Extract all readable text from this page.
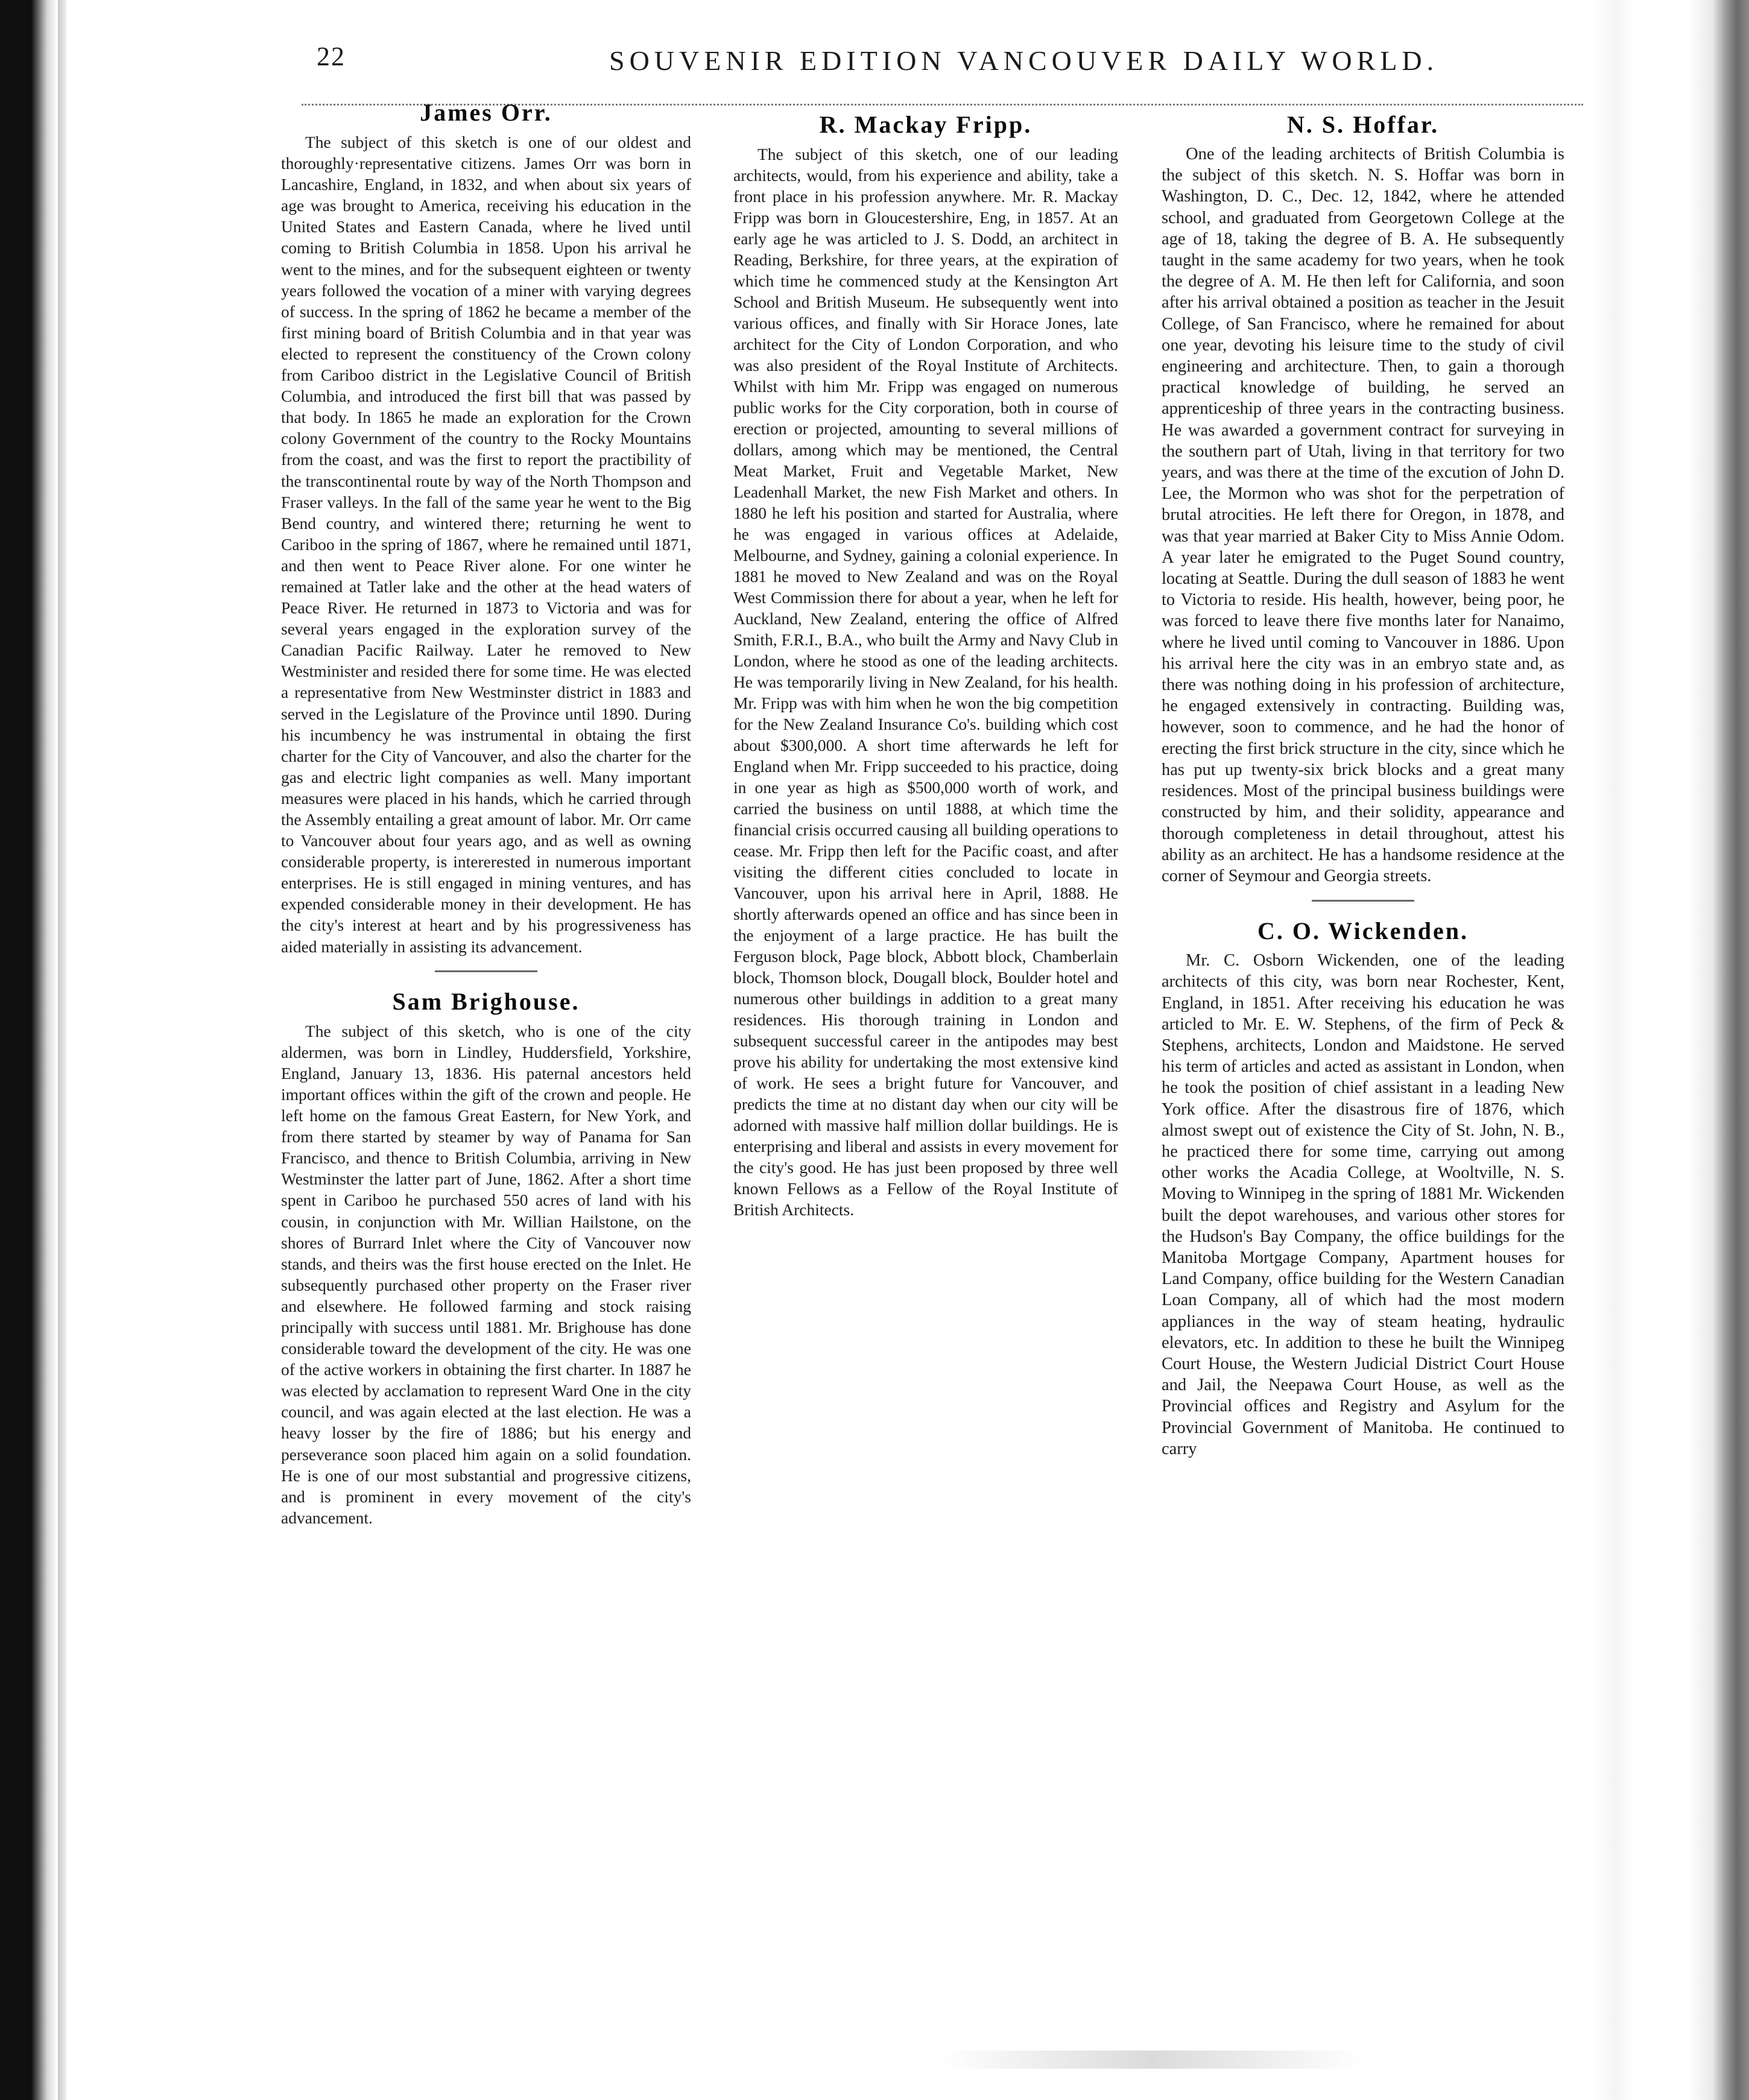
22	SOUVENIR EDITION VANCOUVER DAILY WORLD.
James Orr.

The subject of this sketch is one of our oldest and thoroughly·representative citizens. James Orr was born in Lancashire, England, in 1832, and when about six years of age was brought to America, receiving his education in the United States and Eastern Canada, where he lived until coming to British Columbia in 1858. Upon his arrival he went to the mines, and for the subsequent eighteen or twenty years followed the vocation of a miner with varying degrees of success. In the spring of 1862 he became a member of the first mining board of British Columbia and in that year was elected to represent the constituency of the Crown colony from Cariboo district in the Legislative Council of British Columbia, and introduced the first bill that was passed by that body. In 1865 he made an exploration for the Crown colony Government of the country to the Rocky Mountains from the coast, and was the first to report the practibility of the transcontinental route by way of the North Thompson and Fraser valleys. In the fall of the same year he went to the Big Bend country, and wintered there; returning he went to Cariboo in the spring of 1867, where he remained until 1871, and then went to Peace River alone. For one winter he remained at Tatler lake and the other at the head waters of Peace River. He returned in 1873 to Victoria and was for several years engaged in the exploration survey of the Canadian Pacific Railway. Later he removed to New Westminister and resided there for some time. He was elected a representative from New Westminster district in 1883 and served in the Legislature of the Province until 1890. During his incumbency he was instrumental in obtaing the first charter for the City of Vancouver, and also the charter for the gas and electric light companies as well. Many important measures were placed in his hands, which he carried through the Assembly entailing a great amount of labor. Mr. Orr came to Vancouver about four years ago, and as well as owning considerable property, is intererested in numerous important enterprises. He is still engaged in mining ventures, and has expended considerable money in their development. He has the city's interest at heart and by his progressiveness has aided materially in assisting its advancement.

Sam Brighouse.

The subject of this sketch, who is one of the city aldermen, was born in Lindley, Huddersfield, Yorkshire, England, January 13, 1836. His paternal ancestors held important offices within the gift of the crown and people. He left home on the famous Great Eastern, for New York, and from there started by steamer by way of Panama for San Francisco, and thence to British Columbia, arriving in New Westminster the latter part of June, 1862. After a short time spent in Cariboo he purchased 550 acres of land with his cousin, in conjunction with Mr. Willian Hailstone, on the shores of Burrard Inlet where the City of Vancouver now stands, and theirs was the first house erected on the Inlet. He subsequently purchased other property on the Fraser river and elsewhere. He followed farming and stock raising principally with success until 1881. Mr. Brighouse has done considerable toward the development of the city. He was one of the active workers in obtaining the first charter. In 1887 he was elected by acclamation to represent Ward One in the city council, and was again elected at the last election. He was a heavy losser by the fire of 1886; but his energy and perseverance soon placed him again on a solid foundation. He is one of our most substantial and progressive citizens, and is prominent in every movement of the city's advancement.

R. Mackay Fripp.

The subject of this sketch, one of our leading architects, would, from his experience and ability, take a front place in his profession anywhere. Mr. R. Mackay Fripp was born in Gloucestershire, Eng, in 1857. At an early age he was articled to J. S. Dodd, an architect in Reading, Berkshire, for three years, at the expiration of which time he commenced study at the Kensington Art School and British Museum. He subsequently went into various offices, and finally with Sir Horace Jones, late architect for the City of London Corporation, and who was also president of the Royal Institute of Architects. Whilst with him Mr. Fripp was engaged on numerous public works for the City corporation, both in course of erection or projected, amounting to several millions of dollars, among which may be mentioned, the Central Meat Market, Fruit and Vegetable Market, New Leadenhall Market, the new Fish Market and others. In 1880 he left his position and started for Australia, where he was engaged in various offices at Adelaide, Melbourne, and Sydney, gaining a colonial experience. In 1881 he moved to New Zealand and was on the Royal West Commission there for about a year, when he left for Auckland, New Zealand, entering the office of Alfred Smith, F.R.I., B.A., who built the Army and Navy Club in London, where he stood as one of the leading architects. He was temporarily living in New Zealand, for his health. Mr. Fripp was with him when he won the big competition for the New Zealand Insurance Co's. building which cost about $300,000. A short time afterwards he left for England when Mr. Fripp succeeded to his practice, doing in one year as high as $500,000 worth of work, and carried the business on until 1888, at which time the financial crisis occurred causing all building operations to cease. Mr. Fripp then left for the Pacific coast, and after visiting the different cities concluded to locate in Vancouver, upon his arrival here in April, 1888. He shortly afterwards opened an office and has since been in the enjoyment of a large practice. He has built the Ferguson block, Page block, Abbott block, Chamberlain block, Thomson block, Dougall block, Boulder hotel and numerous other buildings in addition to a great many residences. His thorough training in London and subsequent successful career in the antipodes may best prove his ability for undertaking the most extensive kind of work. He sees a bright future for Vancouver, and predicts the time at no distant day when our city will be adorned with massive half million dollar buildings. He is enterprising and liberal and assists in every movement for the city's good. He has just been proposed by three well known Fellows as a Fellow of the Royal Institute of British Architects.

N. S. Hoffar.

One of the leading architects of British Columbia is the subject of this sketch. N. S. Hoffar was born in Washington, D. C., Dec. 12, 1842, where he attended school, and graduated from Georgetown College at the age of 18, taking the degree of B. A. He subsequently taught in the same academy for two years, when he took the degree of A. M. He then left for California, and soon after his arrival obtained a position as teacher in the Jesuit College, of San Francisco, where he remained for about one year, devoting his leisure time to the study of civil engineering and architecture. Then, to gain a thorough practical knowledge of building, he served an apprenticeship of three years in the contracting business. He was awarded a government contract for surveying in the southern part of Utah, living in that territory for two years, and was there at the time of the excution of John D. Lee, the Mormon who was shot for the perpetration of brutal atrocities. He left there for Oregon, in 1878, and was that year married at Baker City to Miss Annie Odom. A year later he emigrated to the Puget Sound country, locating at Seattle. During the dull season of 1883 he went to Victoria to reside. His health, however, being poor, he was forced to leave there five months later for Nanaimo, where he lived until coming to Vancouver in 1886. Upon his arrival here the city was in an embryo state and, as there was nothing doing in his profession of architecture, he engaged extensively in contracting. Building was, however, soon to commence, and he had the honor of erecting the first brick structure in the city, since which he has put up twenty-six brick blocks and a great many residences. Most of the principal business buildings were constructed by him, and their solidity, appearance and thorough completeness in detail throughout, attest his ability as an architect. He has a handsome residence at the corner of Seymour and Georgia streets.

C. O. Wickenden.

Mr. C. Osborn Wickenden, one of the leading architects of this city, was born near Rochester, Kent, England, in 1851. After receiving his education he was articled to Mr. E. W. Stephens, of the firm of Peck & Stephens, architects, London and Maidstone. He served his term of articles and acted as assistant in London, when he took the position of chief assistant in a leading New York office. After the disastrous fire of 1876, which almost swept out of existence the City of St. John, N. B., he practiced there for some time, carrying out among other works the Acadia College, at Wooltville, N. S. Moving to Winnipeg in the spring of 1881 Mr. Wickenden built the depot warehouses, and various other stores for the Hudson's Bay Company, the office buildings for the Manitoba Mortgage Company, Apartment houses for Land Company, office building for the Western Canadian Loan Company, all of which had the most modern appliances in the way of steam heating, hydraulic elevators, etc. In addition to these he built the Winnipeg Court House, the Western Judicial District Court House and Jail, the Neepawa Court House, as well as the Provincial offices and Registry and Asylum for the Provincial Government of Manitoba. He continued to carry
